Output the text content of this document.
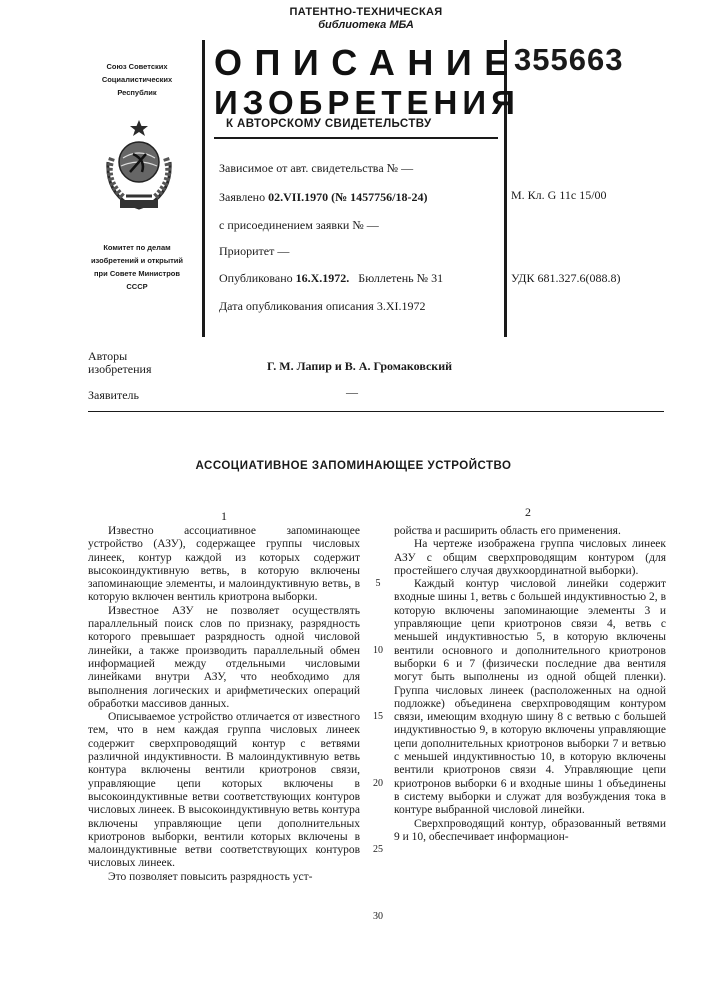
ПАТЕНТНО-ТЕХНИЧЕСКАЯ
библиотека МБА
Союз Советских
Социалистических
Республик
Комитет по делам
изобретений и открытий
при Совете Министров
СССР
ОПИСАНИЕ
ИЗОБРЕТЕНИЯ
К АВТОРСКОМУ СВИДЕТЕЛЬСТВУ
355663
Зависимое от авт. свидетельства № —
Заявлено 02.VII.1970 (№ 1457756/18-24)
с присоединением заявки № —
Приоритет —
Опубликовано 16.Х.1972. Бюллетень № 31
Дата опубликования описания 3.XI.1972
М. Кл. G 11c 15/00
УДК 681.327.6(088.8)
Авторы
изобретения	Г. М. Лапир и В. А. Громаковский
Заявитель	—
АССОЦИАТИВНОЕ ЗАПОМИНАЮЩЕЕ УСТРОЙСТВО
1	2

Известно ассоциативное запоминающее устройство (АЗУ), содержащее группы числовых линеек, контур каждой из которых содержит высокоиндуктивную ветвь, в которую включены запоминающие элементы, и малоиндуктивную ветвь, в которую включен вентиль криотрона выборки.

Известное АЗУ не позволяет осуществлять параллельный поиск слов по признаку, разрядность которого превышает разрядность одной числовой линейки, а также производить параллельный обмен информацией между отдельными числовыми линейками внутри АЗУ, что необходимо для выполнения логических и арифметических операций обработки массивов данных.

Описываемое устройство отличается от известного тем, что в нем каждая группа числовых линеек содержит сверхпроводящий контур с ветвями различной индуктивности. В малоиндуктивную ветвь контура включены вентили криотронов связи, управляющие цепи которых включены в высокоиндуктивные ветви соответствующих контуров числовых линеек. В высокоиндуктивную ветвь контура включены управляющие цепи дополнительных криотронов выборки, вентили которых включены в малоиндуктивные ветви соответствующих контуров числовых линеек.

Это позволяет повысить разрядность уст-

ройства и расширить область его применения.

На чертеже изображена группа числовых линеек АЗУ с общим сверхпроводящим контуром (для простейшего случая двухкоординатной выборки).

Каждый контур числовой линейки содержит входные шины 1, ветвь с большей индуктивностью 2, в которую включены запоминающие элементы 3 и управляющие цепи криотронов связи 4, ветвь с меньшей индуктивностью 5, в которую включены вентили основного и дополнительного криотронов выборки 6 и 7 (физически последние два вентиля могут быть выполнены из одной общей пленки). Группа числовых линеек (расположенных на одной подложке) объединена сверхпроводящим контуром связи, имеющим входную шину 8 с ветвью с большей индуктивностью 9, в которую включены управляющие цепи дополнительных криотронов выборки 7 и ветвью с меньшей индуктивностью 10, в которую включены вентили криотронов связи 4. Управляющие цепи криотронов выборки 6 и входные шины 1 объединены в систему выборки и служат для возбуждения тока в контуре выбранной числовой линейки.

Сверхпроводящий контур, образованный ветвями 9 и 10, обеспечивает информацион-

5
10
15
20
25
30
